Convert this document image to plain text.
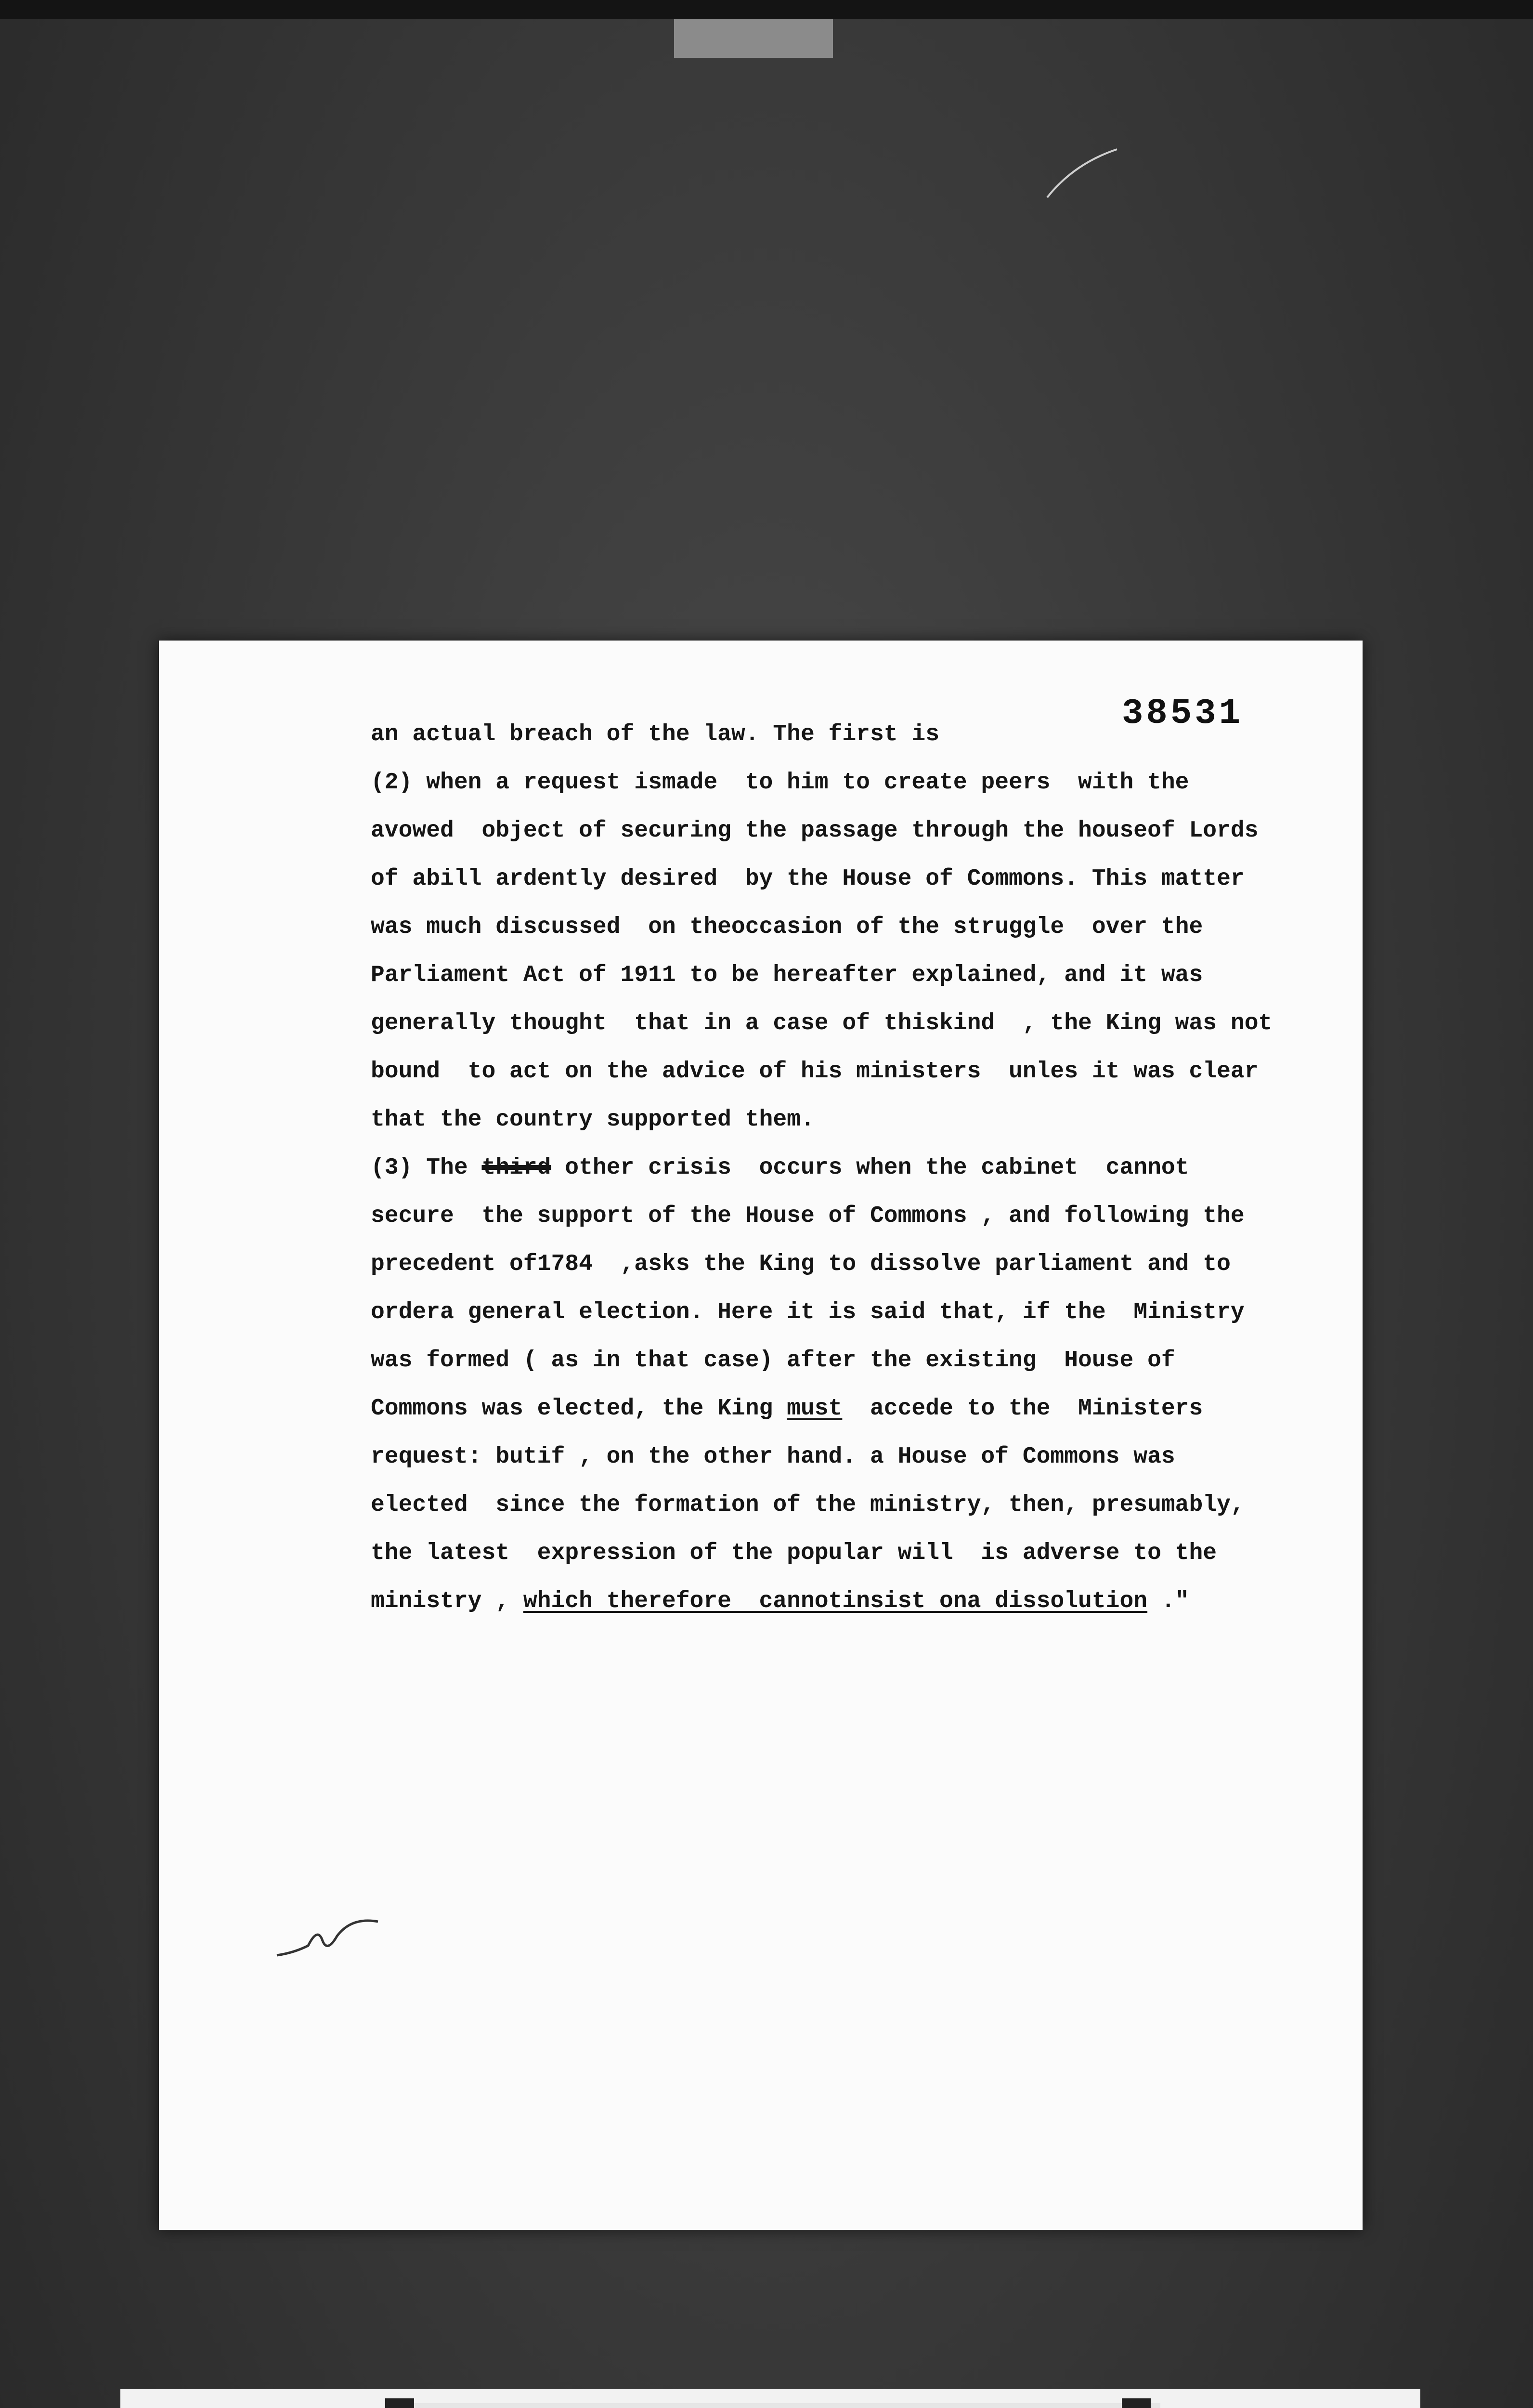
38531
an actual breach of the law. The first is
(2) when a request ismade  to him to create peers  with the
avowed  object of securing the passage through the houseof Lords
of abill ardently desired  by the House of Commons. This matter
was much discussed  on theoccasion of the struggle  over the
Parliament Act of 1911 to be hereafter explained, and it was
generally thought  that in a case of thiskind  , the King was not
bound  to act on the advice of his ministers  unles it was clear
that the country supported them.
(3) The third other crisis  occurs when the cabinet  cannot
secure  the support of the House of Commons , and following the
precedent of1784  ,asks the King to dissolve parliament and to
ordera general election. Here it is said that, if the  Ministry
was formed ( as in that case) after the existing  House of
Commons was elected, the King must  accede to the  Ministers
request: butif , on the other hand. a House of Commons was
elected  since the formation of the ministry, then, presumably,
the latest  expression of the popular will  is adverse to the
ministry , which therefore  cannotinsist ona dissolution ."
